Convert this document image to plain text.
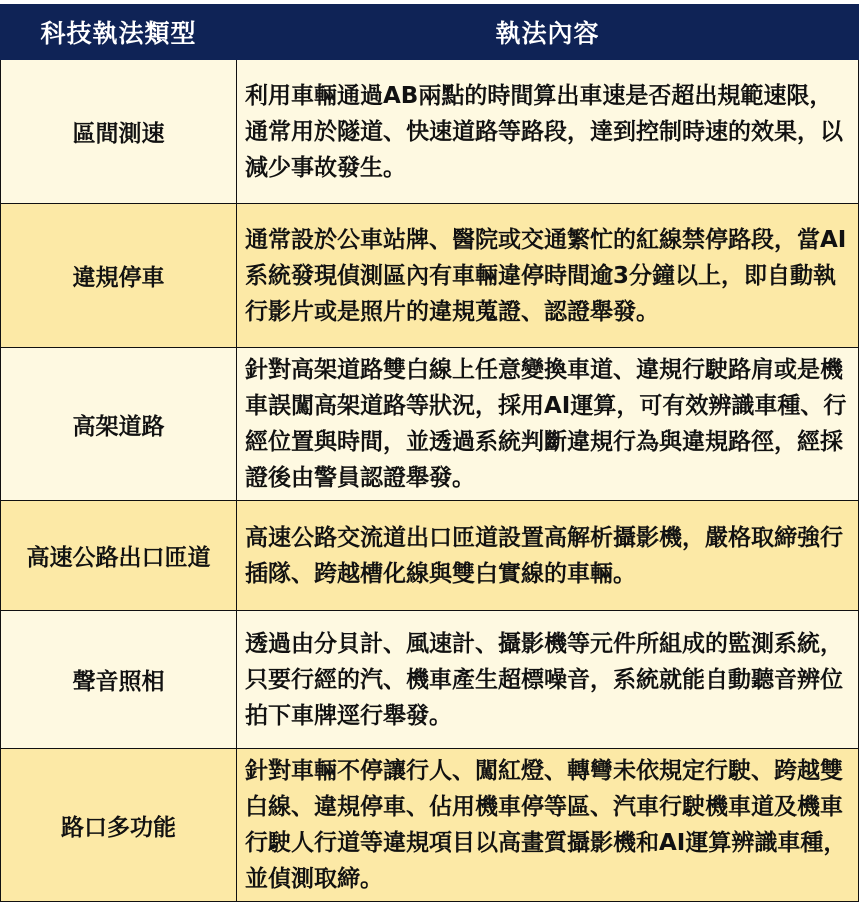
科技執法類型	執法內容
區間測速	利用車輛通過AB兩點的時間算出車速是否超出規範速限，通常用於隧道、快速道路等路段，達到控制時速的效果，以減少事故發生。
違規停車	通常設於公車站牌、醫院或交通繁忙的紅線禁停路段，當AI系統發現偵測區內有車輛違停時間逾3分鐘以上，即自動執行影片或是照片的違規蒐證、認證舉發。
高架道路	針對高架道路雙白線上任意變換車道、違規行駛路肩或是機車誤闖高架道路等狀況，採用AI運算，可有效辨識車種、行經位置與時間，並透過系統判斷違規行為與違規路徑，經採證後由警員認證舉發。
高速公路出口匝道	高速公路交流道出口匝道設置高解析攝影機，嚴格取締強行插隊、跨越槽化線與雙白實線的車輛。
聲音照相	透過由分貝計、風速計、攝影機等元件所組成的監測系統，只要行經的汽、機車產生超標噪音，系統就能自動聽音辨位拍下車牌逕行舉發。
路口多功能	針對車輛不停讓行人、闖紅燈、轉彎未依規定行駛、跨越雙白線、違規停車、佔用機車停等區、汽車行駛機車道及機車行駛人行道等違規項目以高畫質攝影機和AI運算辨識車種，並偵測取締。
